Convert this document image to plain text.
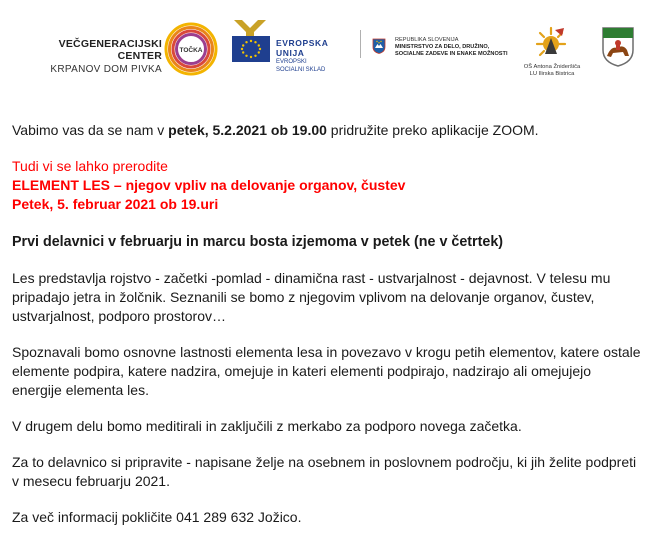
VEČGENERACIJSKI CENTER
KRPANOV DOM PIVKA
TOČKA
EVROPSKA UNIJA
EVROPSKI
SOCIALNI SKLAD
REPUBLIKA SLOVENIJA
MINISTRSTVO ZA DELO, DRUŽINO,
SOCIALNE ZADEVE IN ENAKE MOŽNOSTI
OŠ Antona Žnideršiča
LU Ilirska Bistrica

Vabimo vas da se nam v petek, 5.2.2021 ob 19.00 pridružite preko aplikacije ZOOM.

Tudi vi se lahko prerodite
ELEMENT LES – njegov vpliv na delovanje organov, čustev
Petek, 5. februar 2021 ob 19.uri

Prvi delavnici v februarju in marcu bosta izjemoma v petek (ne v četrtek)

Les predstavlja rojstvo - začetki -pomlad - dinamična rast - ustvarjalnost - dejavnost. V telesu mu pripadajo jetra in žolčnik. Seznanili se bomo z njegovim vplivom na delovanje organov, čustev, ustvarjalnost, podporo prostorov…

Spoznavali bomo osnovne lastnosti elementa lesa in povezavo v krogu petih elementov, katere ostale elemente podpira, katere nadzira, omejuje in kateri elementi podpirajo, nadzirajo ali omejujejo energije elementa les.

V drugem delu bomo meditirali in zaključili z merkabo za podporo novega začetka.

Za to delavnico si pripravite - napisane želje na osebnem in poslovnem področju, ki jih želite podpreti v mesecu februarju 2021.

Za več informacij pokličite 041 289 632 Jožico.
